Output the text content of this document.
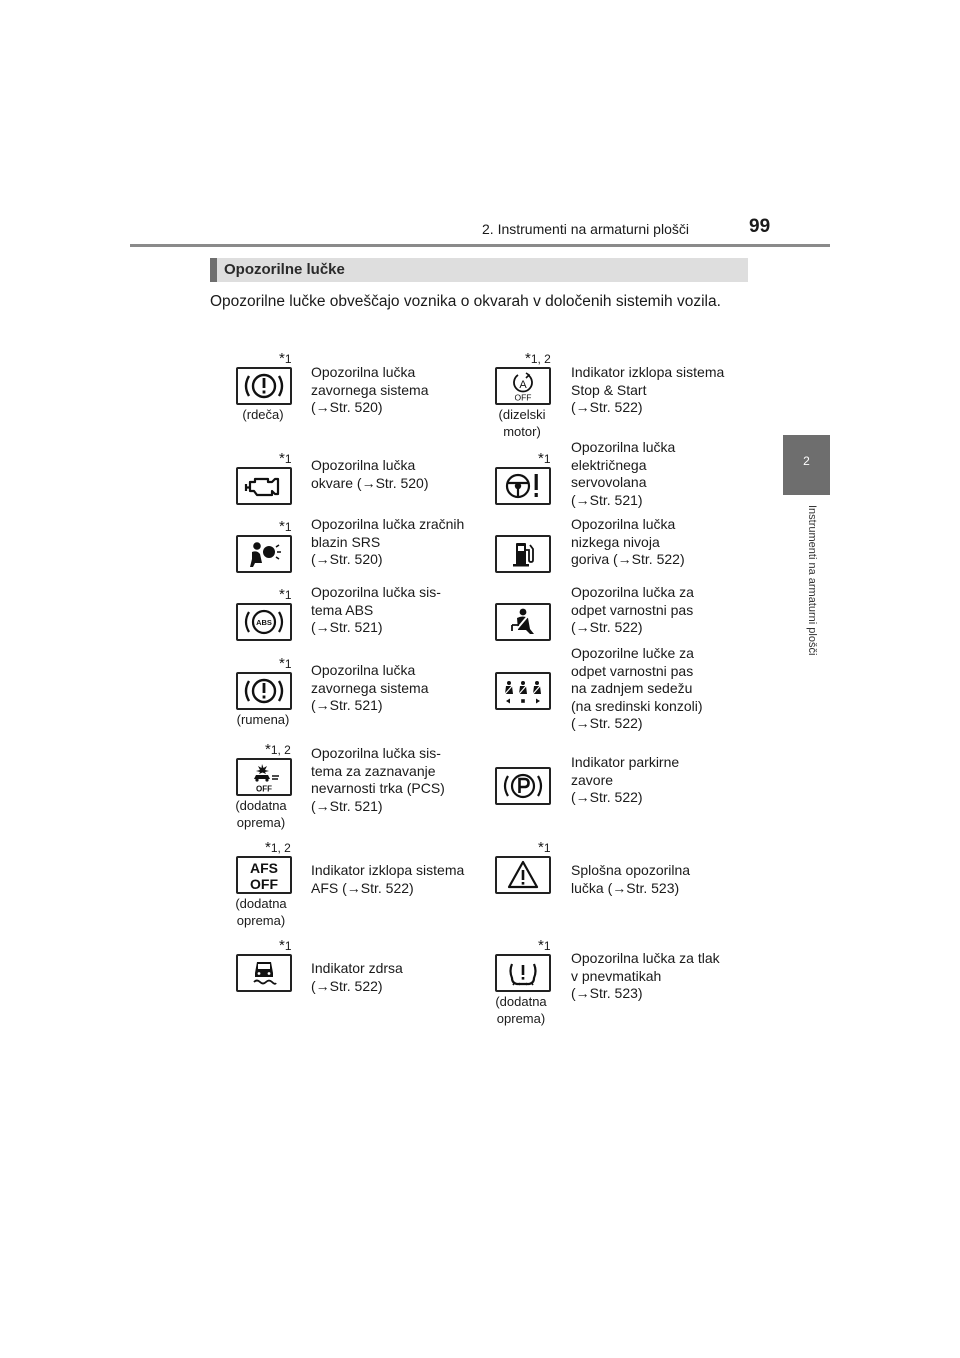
2. Instrumenti na armaturni plošči	99
2
Instrumenti na armaturni plošči
Opozorilne lučke
Opozorilne lučke obveščajo voznika o okvarah v določenih sistemih vozila.
*1
(rdeča)
Opozorilna lučka
zavornega sistema
(→Str. 520)
*1, 2
A
OFF
(dizelski motor)
Indikator izklopa sistema
Stop & Start
(→Str. 522)
*1 Opozorilna lučka
okvare (→Str. 520)
*1
Opozorilna lučka
električnega
servovolana
(→Str. 521)
*1 Opozorilna lučka zračnih
blazin SRS
(→Str. 520)
Opozorilna lučka
nizkega nivoja
goriva (→Str. 522)
*1
ABS
Opozorilna lučka sis-
tema ABS
(→Str. 521)
Opozorilna lučka za
odpet varnostni pas
(→Str. 522)
*1
(rumena)
Opozorilna lučka
zavornega sistema
(→Str. 521)
Opozorilne lučke za
odpet varnostni pas
na zadnjem sedežu
(na sredinski konzoli)
(→Str. 522)
*1, 2
OFF
(dodatna oprema)
Opozorilna lučka sis-
tema za zaznavanje
nevarnosti trka (PCS)
(→Str. 521)
Indikator parkirne
zavore
(→Str. 522)
*1, 2
AFS
OFF
(dodatna oprema)
Indikator izklopa sistema
AFS (→Str. 522)
*1
Splošna opozorilna
lučka (→Str. 523)
*1
Indikator zdrsa
(→Str. 522)
*1
(dodatna oprema)
Opozorilna lučka za tlak
v pnevmatikah
(→Str. 523)
